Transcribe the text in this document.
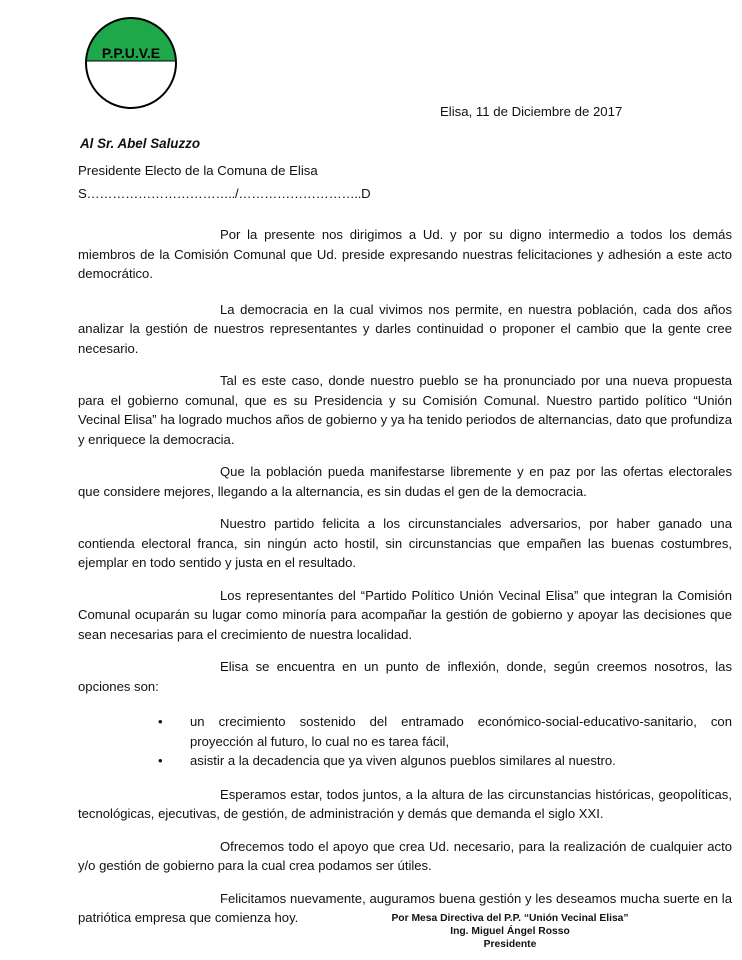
P.P.U.V.E
Elisa, 11 de Diciembre de 2017
Al Sr. Abel Saluzzo
Presidente Electo de la Comuna de Elisa
S……………………………../………………………..D

Por la presente nos dirigimos a Ud. y por su digno intermedio a todos los demás miembros de la Comisión Comunal que Ud. preside expresando nuestras felicitaciones y adhesión a este acto democrático.

La democracia en la cual vivimos nos permite, en nuestra población, cada dos años analizar la gestión de nuestros representantes y darles continuidad o proponer el cambio que la gente cree necesario.

Tal es este caso, donde nuestro pueblo se ha pronunciado por una nueva propuesta para el gobierno comunal, que es su Presidencia y su Comisión Comunal. Nuestro partido político “Unión Vecinal Elisa” ha logrado muchos años de gobierno y ya ha tenido periodos de alternancias, dato que profundiza y enriquece la democracia.

Que la población pueda manifestarse libremente y en paz por las ofertas electorales que considere mejores, llegando a la alternancia, es sin dudas el gen de la democracia.

Nuestro partido felicita a los circunstanciales adversarios, por haber ganado una contienda electoral franca, sin ningún acto hostil, sin circunstancias que empañen las buenas costumbres, ejemplar en todo sentido y justa en el resultado.

Los representantes del “Partido Político Unión Vecinal Elisa” que integran la Comisión Comunal ocuparán su lugar como minoría para acompañar la gestión de gobierno y apoyar las decisiones que sean necesarias para el crecimiento de nuestra localidad.

Elisa se encuentra en un punto de inflexión, donde, según creemos nosotros, las opciones son:

•	un crecimiento sostenido del entramado económico-social-educativo-sanitario, con proyección al futuro, lo cual no es tarea fácil,
•	asistir a la decadencia que ya viven algunos pueblos similares al nuestro.

Esperamos estar, todos juntos, a la altura de las circunstancias históricas, geopolíticas, tecnológicas, ejecutivas, de gestión, de administración y demás que demanda el siglo XXI.

Ofrecemos todo el apoyo que crea Ud. necesario, para la realización de cualquier acto y/o gestión de gobierno para la cual crea podamos ser útiles.

Felicitamos nuevamente, auguramos buena gestión y les deseamos mucha suerte en la patriótica empresa que comienza hoy.	Por Mesa Directiva del P.P. “Unión Vecinal Elisa”
Ing. Miguel Ángel Rosso
Presidente
